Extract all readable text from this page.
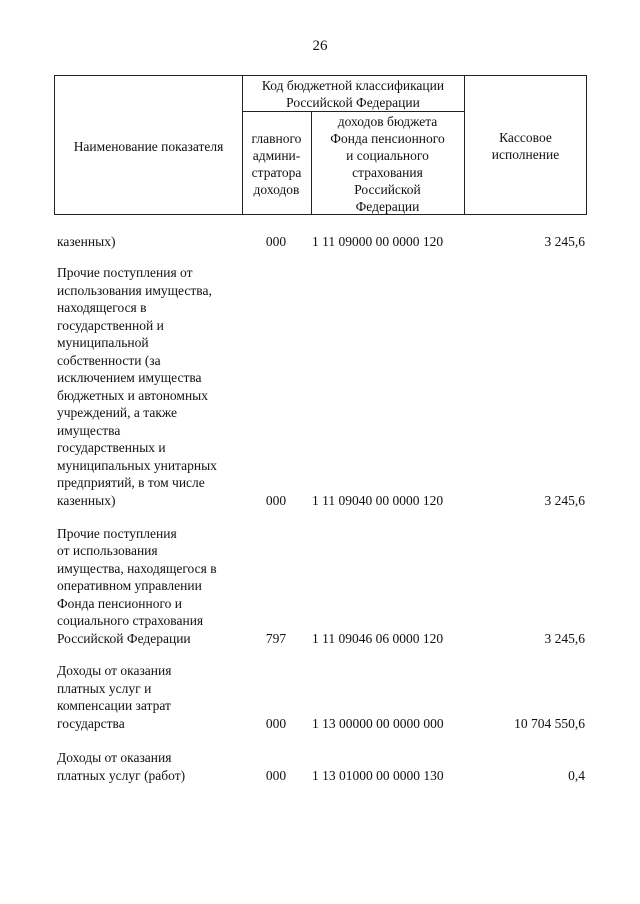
26
Наименование показателя
Код бюджетной классификации
Российской Федерации
главного
админи-
стратора
доходов
доходов бюджета
Фонда пенсионного
и социального
страхования
Российской
Федерации
Кассовое
исполнение
казенных)	000	1 11 09000 00 0000 120	3 245,6
Прочие поступления от
использования имущества,
находящегося в
государственной и
муниципальной
собственности (за
исключением имущества
бюджетных и автономных
учреждений, а также
имущества
государственных и
муниципальных унитарных
предприятий, в том числе
казенных)	000	1 11 09040 00 0000 120	3 245,6
Прочие поступления
от использования
имущества, находящегося в
оперативном управлении
Фонда пенсионного и
социального страхования
Российской Федерации	797	1 11 09046 06 0000 120	3 245,6
Доходы от оказания
платных услуг и
компенсации затрат
государства	000	1 13 00000 00 0000 000	10 704 550,6
Доходы от оказания
платных услуг (работ)	000	1 13 01000 00 0000 130	0,4
